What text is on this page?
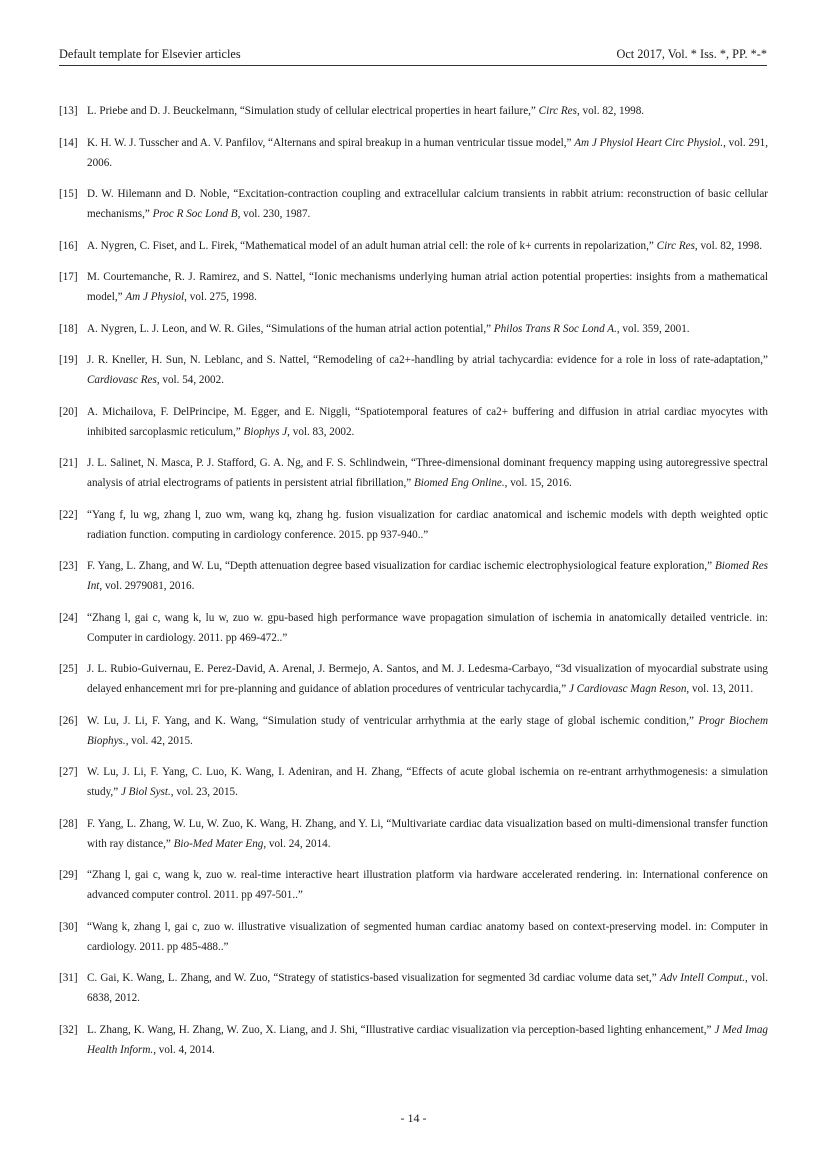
Default template for Elsevier articles	Oct 2017, Vol. * Iss. *, PP. *-*
[13] L. Priebe and D. J. Beuckelmann, “Simulation study of cellular electrical properties in heart failure,” Circ Res, vol. 82, 1998.
[14] K. H. W. J. Tusscher and A. V. Panfilov, “Alternans and spiral breakup in a human ventricular tissue model,” Am J Physiol Heart Circ Physiol., vol. 291, 2006.
[15] D. W. Hilemann and D. Noble, “Excitation-contraction coupling and extracellular calcium transients in rabbit atrium: reconstruction of basic cellular mechanisms,” Proc R Soc Lond B, vol. 230, 1987.
[16] A. Nygren, C. Fiset, and L. Firek, “Mathematical model of an adult human atrial cell: the role of k+ currents in repolarization,” Circ Res, vol. 82, 1998.
[17] M. Courtemanche, R. J. Ramirez, and S. Nattel, “Ionic mechanisms underlying human atrial action potential properties: insights from a mathematical model,” Am J Physiol, vol. 275, 1998.
[18] A. Nygren, L. J. Leon, and W. R. Giles, “Simulations of the human atrial action potential,” Philos Trans R Soc Lond A., vol. 359, 2001.
[19] J. R. Kneller, H. Sun, N. Leblanc, and S. Nattel, “Remodeling of ca2+-handling by atrial tachycardia: evidence for a role in loss of rate-adaptation,” Cardiovasc Res, vol. 54, 2002.
[20] A. Michailova, F. DelPrincipe, M. Egger, and E. Niggli, “Spatiotemporal features of ca2+ buffering and diffusion in atrial cardiac myocytes with inhibited sarcoplasmic reticulum,” Biophys J, vol. 83, 2002.
[21] J. L. Salinet, N. Masca, P. J. Stafford, G. A. Ng, and F. S. Schlindwein, “Three-dimensional dominant frequency mapping using autoregressive spectral analysis of atrial electrograms of patients in persistent atrial fibrillation,” Biomed Eng Online., vol. 15, 2016.
[22] “Yang f, lu wg, zhang l, zuo wm, wang kq, zhang hg. fusion visualization for cardiac anatomical and ischemic models with depth weighted optic radiation function. computing in cardiology conference. 2015. pp 937-940..”
[23] F. Yang, L. Zhang, and W. Lu, “Depth attenuation degree based visualization for cardiac ischemic electrophysiological feature exploration,” Biomed Res Int, vol. 2979081, 2016.
[24] “Zhang l, gai c, wang k, lu w, zuo w. gpu-based high performance wave propagation simulation of ischemia in anatomically detailed ventricle. in: Computer in cardiology. 2011. pp 469-472..”
[25] J. L. Rubio-Guivernau, E. Perez-David, A. Arenal, J. Bermejo, A. Santos, and M. J. Ledesma-Carbayo, “3d visualization of myocardial substrate using delayed enhancement mri for pre-planning and guidance of ablation procedures of ventricular tachycardia,” J Cardiovasc Magn Reson, vol. 13, 2011.
[26] W. Lu, J. Li, F. Yang, and K. Wang, “Simulation study of ventricular arrhythmia at the early stage of global ischemic condition,” Progr Biochem Biophys., vol. 42, 2015.
[27] W. Lu, J. Li, F. Yang, C. Luo, K. Wang, I. Adeniran, and H. Zhang, “Effects of acute global ischemia on re-entrant arrhythmogenesis: a simulation study,” J Biol Syst., vol. 23, 2015.
[28] F. Yang, L. Zhang, W. Lu, W. Zuo, K. Wang, H. Zhang, and Y. Li, “Multivariate cardiac data visualization based on multi-dimensional transfer function with ray distance,” Bio-Med Mater Eng, vol. 24, 2014.
[29] “Zhang l, gai c, wang k, zuo w. real-time interactive heart illustration platform via hardware accelerated rendering. in: International conference on advanced computer control. 2011. pp 497-501..”
[30] “Wang k, zhang l, gai c, zuo w. illustrative visualization of segmented human cardiac anatomy based on context-preserving model. in: Computer in cardiology. 2011. pp 485-488..”
[31] C. Gai, K. Wang, L. Zhang, and W. Zuo, “Strategy of statistics-based visualization for segmented 3d cardiac volume data set,” Adv Intell Comput., vol. 6838, 2012.
[32] L. Zhang, K. Wang, H. Zhang, W. Zuo, X. Liang, and J. Shi, “Illustrative cardiac visualization via perception-based lighting enhancement,” J Med Imag Health Inform., vol. 4, 2014.
- 14 -
